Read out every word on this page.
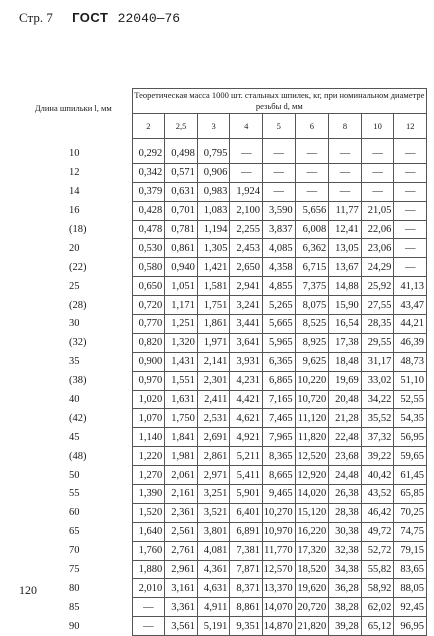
Стр. 7 ГОСТ 22040—76
Длина шпильки l, мм	Теоретическая масса 1000 шт. стальных шпилек, кг, при номинальном диаметре резьбы d, мм								
	2	2,5	3	4	5	6	8	10	12
10	0,292	0,498	0,795	—	—	—	—	—	—
12	0,342	0,571	0,906	—	—	—	—	—	—
14	0,379	0,631	0,983	1,924	—	—	—	—	—
16	0,428	0,701	1,083	2,100	3,590	5,656	11,77	21,05	—
(18)	0,478	0,781	1,194	2,255	3,837	6,008	12,41	22,06	—
20	0,530	0,861	1,305	2,453	4,085	6,362	13,05	23,06	—
(22)	0,580	0,940	1,421	2,650	4,358	6,715	13,67	24,29	—
25	0,650	1,051	1,581	2,941	4,855	7,375	14,88	25,92	41,13
(28)	0,720	1,171	1,751	3,241	5,265	8,075	15,90	27,55	43,47
30	0,770	1,251	1,861	3,441	5,665	8,525	16,54	28,35	44,21
(32)	0,820	1,320	1,971	3,641	5,965	8,925	17,38	29,55	46,39
35	0,900	1,431	2,141	3,931	6,365	9,625	18,48	31,17	48,73
(38)	0,970	1,551	2,301	4,231	6,865	10,220	19,69	33,02	51,10
40	1,020	1,631	2,411	4,421	7,165	10,720	20,48	34,22	52,55
(42)	1,070	1,750	2,531	4,621	7,465	11,120	21,28	35,52	54,35
45	1,140	1,841	2,691	4,921	7,965	11,820	22,48	37,32	56,95
(48)	1,220	1,981	2,861	5,211	8,365	12,520	23,68	39,22	59,65
50	1,270	2,061	2,971	5,411	8,665	12,920	24,48	40,42	61,45
55	1,390	2,161	3,251	5,901	9,465	14,020	26,38	43,52	65,85
60	1,520	2,361	3,521	6,401	10,270	15,120	28,38	46,42	70,25
65	1,640	2,561	3,801	6,891	10,970	16,220	30,38	49,72	74,75
70	1,760	2,761	4,081	7,381	11,770	17,320	32,38	52,72	79,15
75	1,880	2,961	4,361	7,871	12,570	18,520	34,38	55,82	83,65
80	2,010	3,161	4,631	8,371	13,370	19,620	36,28	58,92	88,05
85	—	3,361	4,911	8,861	14,070	20,720	38,28	62,02	92,45
90	—	3,561	5,191	9,351	14,870	21,820	39,28	65,12	96,95
120
